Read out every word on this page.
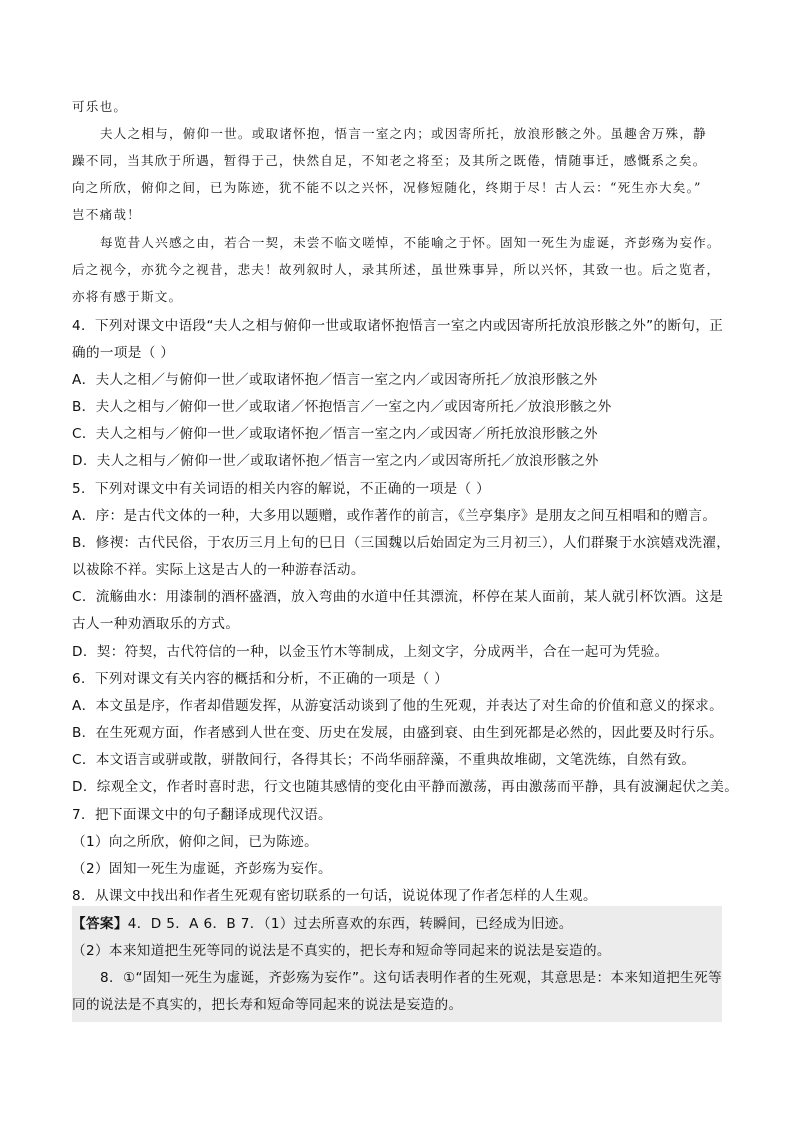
可乐也。
夫人之相与，俯仰一世。或取诸怀抱，悟言一室之内；或因寄所托，放浪形骸之外。虽趣舍万殊，静
躁不同，当其欣于所遇，暂得于己，快然自足，不知老之将至；及其所之既倦，情随事迁，感慨系之矣。
向之所欣，俯仰之间，已为陈迹，犹不能不以之兴怀，况修短随化，终期于尽！古人云：“死生亦大矣。”
岂不痛哉！
每览昔人兴感之由，若合一契，未尝不临文嗟悼，不能喻之于怀。固知一死生为虚诞，齐彭殇为妄作。
后之视今，亦犹今之视昔，悲夫！故列叙时人，录其所述，虽世殊事异，所以兴怀，其致一也。后之览者，
亦将有感于斯文。
4．下列对课文中语段“夫人之相与俯仰一世或取诸怀抱悟言一室之内或因寄所托放浪形骸之外”的断句，正
确的一项是（ ）
A．夫人之相／与俯仰一世／或取诸怀抱／悟言一室之内／或因寄所托／放浪形骸之外
B．夫人之相与／俯仰一世／或取诸／怀抱悟言／一室之内／或因寄所托／放浪形骸之外
C．夫人之相与／俯仰一世／或取诸怀抱／悟言一室之内／或因寄／所托放浪形骸之外
D．夫人之相与／俯仰一世／或取诸怀抱／悟言一室之内／或因寄所托／放浪形骸之外
5．下列对课文中有关词语的相关内容的解说，不正确的一项是（ ）
A．序：是古代文体的一种，大多用以题赠，或作著作的前言，《兰亭集序》是朋友之间互相唱和的赠言。
B．修禊：古代民俗，于农历三月上旬的巳日（三国魏以后始固定为三月初三），人们群聚于水滨嬉戏洗濯，
以祓除不祥。实际上这是古人的一种游春活动。
C．流觞曲水：用漆制的酒杯盛酒，放入弯曲的水道中任其漂流，杯停在某人面前，某人就引杯饮酒。这是
古人一种劝酒取乐的方式。
D．契：符契，古代符信的一种，以金玉竹木等制成，上刻文字，分成两半，合在一起可为凭验。
6．下列对课文有关内容的概括和分析，不正确的一项是（ ）
A．本文虽是序，作者却借题发挥，从游宴活动谈到了他的生死观，并表达了对生命的价值和意义的探求。
B．在生死观方面，作者感到人世在变、历史在发展，由盛到衰、由生到死都是必然的，因此要及时行乐。
C．本文语言或骈或散，骈散间行，各得其长；不尚华丽辞藻，不重典故堆砌，文笔洗练，自然有致。
D．综观全文，作者时喜时悲，行文也随其感情的变化由平静而激荡，再由激荡而平静，具有波澜起伏之美。
7．把下面课文中的句子翻译成现代汉语。
（1）向之所欣，俯仰之间，已为陈迹。
（2）固知一死生为虚诞，齐彭殇为妄作。
8．从课文中找出和作者生死观有密切联系的一句话，说说体现了作者怎样的人生观。
【答案】4．D 5．A 6．B 7．（1）过去所喜欢的东西，转瞬间，已经成为旧迹。
（2）本来知道把生死等同的说法是不真实的，把长寿和短命等同起来的说法是妄造的。
8．①“固知一死生为虚诞，齐彭殇为妄作”。这句话表明作者的生死观，其意思是：本来知道把生死等
同的说法是不真实的，把长寿和短命等同起来的说法是妄造的。
